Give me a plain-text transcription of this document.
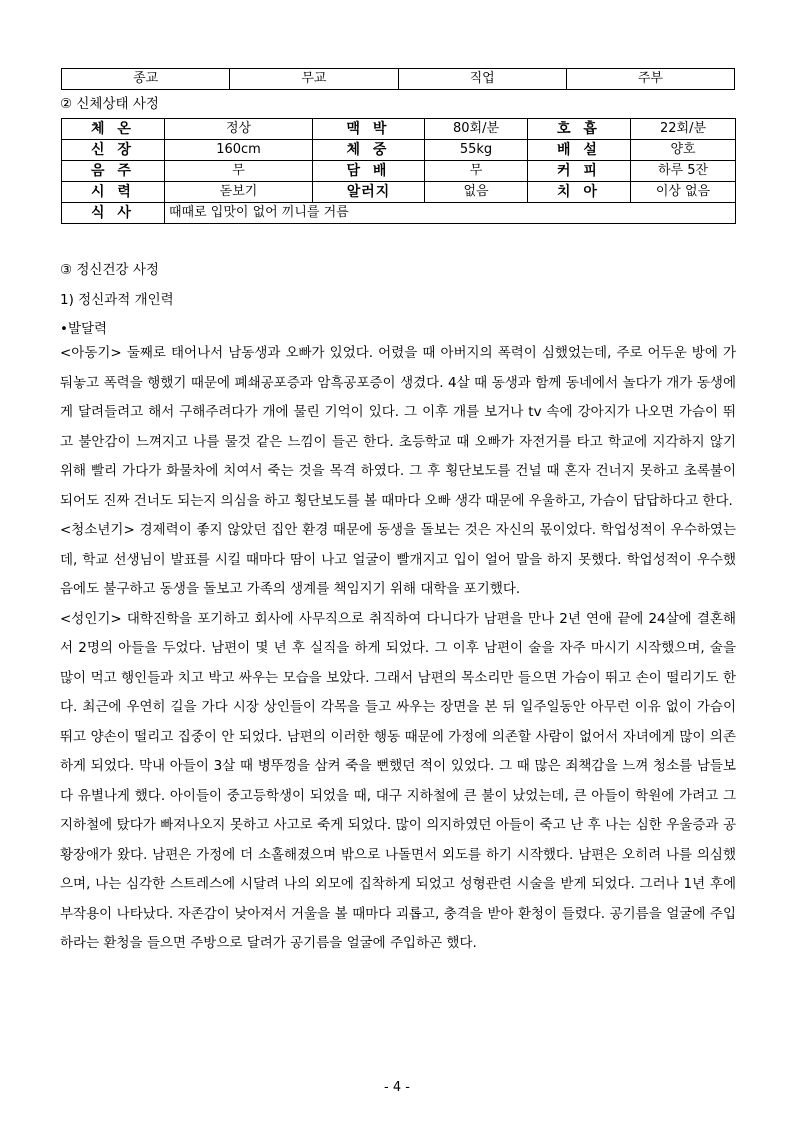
종교	무교	직업	주부
② 신체상태 사정
체 온	정상	맥 박	80회/분	호 흡	22회/분
신 장	160cm	체 중	55kg	배 설	양호
음 주	무	담 배	무	커 피	하루 5잔
시 력	돋보기	알러지	없음	치 아	이상 없음
식 사	때때로 입맛이 없어 끼니를 거름				
③ 정신건강 사정
1) 정신과적 개인력
•발달력

<아동기> 둘째로 태어나서 남동생과 오빠가 있었다. 어렸을 때 아버지의 폭력이 심했었는데, 주로 어두운 방에 가둬놓고 폭력을 행했기 때문에 폐쇄공포증과 암흑공포증이 생겼다. 4살 때 동생과 함께 동네에서 놀다가 개가 동생에게 달려들려고 해서 구해주려다가 개에 물린 기억이 있다. 그 이후 개를 보거나 tv 속에 강아지가 나오면 가슴이 뛰고 불안감이 느껴지고 나를 물것 같은 느낌이 들곤 한다. 초등학교 때 오빠가 자전거를 타고 학교에 지각하지 않기 위해 빨리 가다가 화물차에 치여서 죽는 것을 목격 하였다. 그 후 횡단보도를 건널 때 혼자 건너지 못하고 초록불이 되어도 진짜 건너도 되는지 의심을 하고 횡단보도를 볼 때마다 오빠 생각 때문에 우울하고, 가슴이 답답하다고 한다.

<청소년기> 경제력이 좋지 않았던 집안 환경 때문에 동생을 돌보는 것은 자신의 몫이었다. 학업성적이 우수하였는데, 학교 선생님이 발표를 시킬 때마다 땀이 나고 얼굴이 빨개지고 입이 얼어 말을 하지 못했다. 학업성적이 우수했음에도 불구하고 동생을 돌보고 가족의 생계를 책임지기 위해 대학을 포기했다.

<성인기> 대학진학을 포기하고 회사에 사무직으로 취직하여 다니다가 남편을 만나 2년 연애 끝에 24살에 결혼해서 2명의 아들을 두었다. 남편이 몇 년 후 실직을 하게 되었다. 그 이후 남편이 술을 자주 마시기 시작했으며, 술을 많이 먹고 행인들과 치고 박고 싸우는 모습을 보았다. 그래서 남편의 목소리만 들으면 가슴이 뛰고 손이 떨리기도 한다. 최근에 우연히 길을 가다 시장 상인들이 각목을 들고 싸우는 장면을 본 뒤 일주일동안 아무런 이유 없이 가슴이 뛰고 양손이 떨리고 집중이 안 되었다. 남편의 이러한 행동 때문에 가정에 의존할 사람이 없어서 자녀에게 많이 의존하게 되었다. 막내 아들이 3살 때 병뚜껑을 삼켜 죽을 뻔했던 적이 있었다. 그 때 많은 죄책감을 느껴 청소를 남들보다 유별나게 했다. 아이들이 중고등학생이 되었을 때, 대구 지하철에 큰 불이 났었는데, 큰 아들이 학원에 가려고 그 지하철에 탔다가 빠져나오지 못하고 사고로 죽게 되었다. 많이 의지하였던 아들이 죽고 난 후 나는 심한 우울증과 공황장애가 왔다. 남편은 가정에 더 소홀해졌으며 밖으로 나돌면서 외도를 하기 시작했다. 남편은 오히려 나를 의심했으며, 나는 심각한 스트레스에 시달려 나의 외모에 집착하게 되었고 성형관련 시술을 받게 되었다. 그러나 1년 후에 부작용이 나타났다. 자존감이 낮아져서 거울을 볼 때마다 괴롭고, 충격을 받아 환청이 들렸다. 공기름을 얼굴에 주입하라는 환청을 들으면 주방으로 달려가 공기름을 얼굴에 주입하곤 했다.

- 4 -
